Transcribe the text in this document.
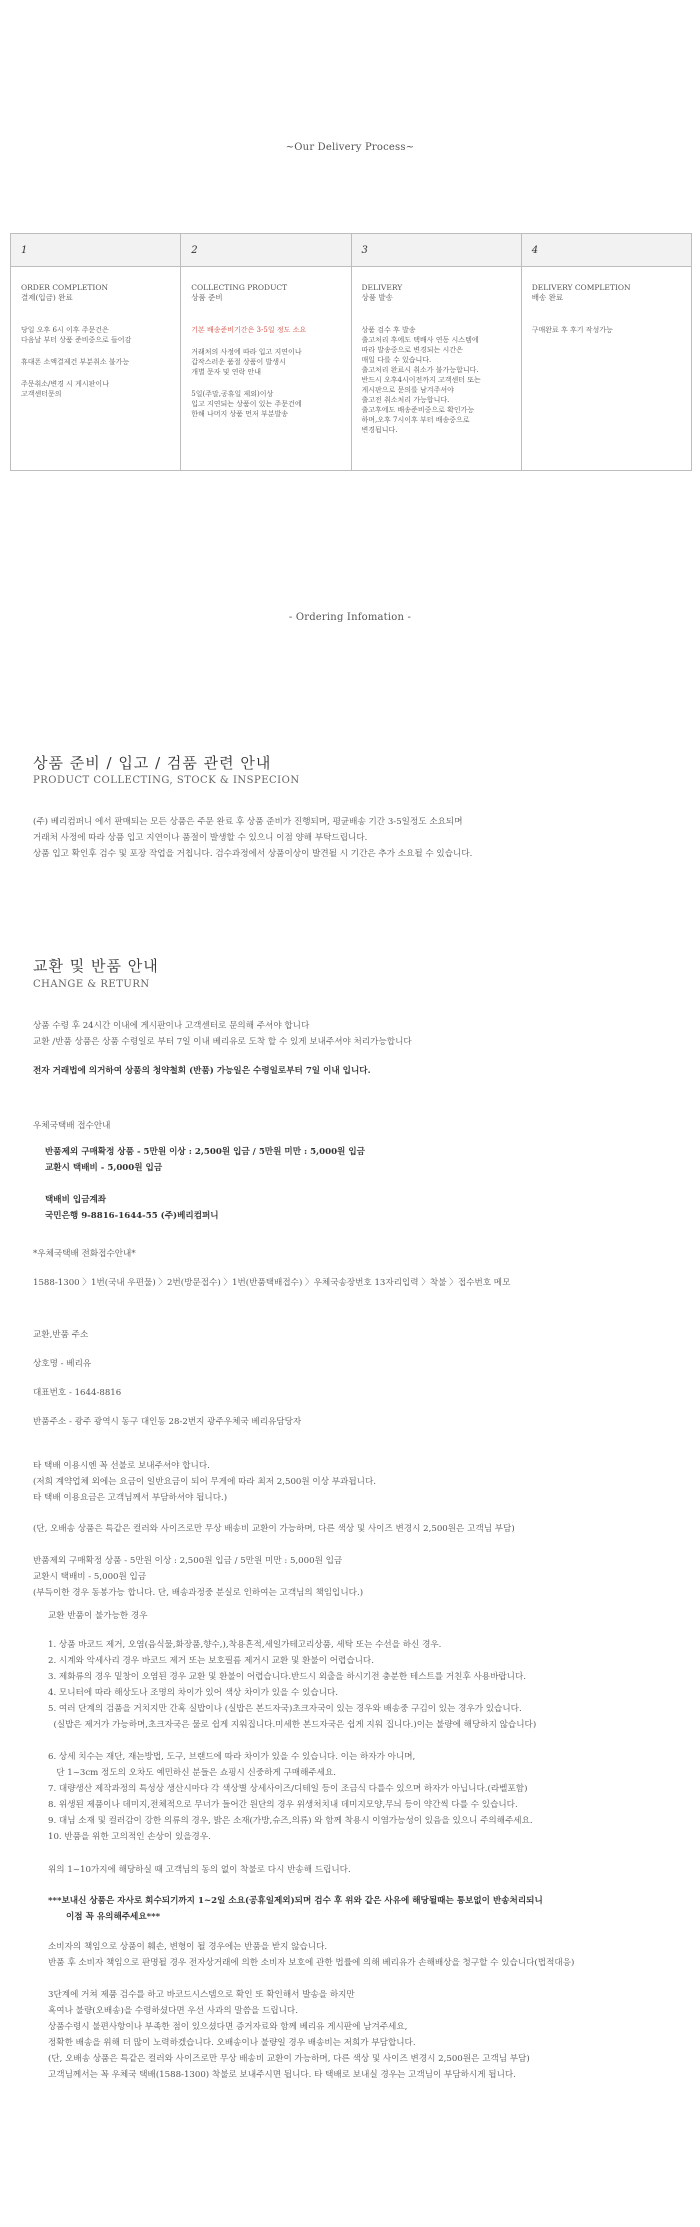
~Our Delivery Process~
1
ORDER COMPLETION
결제(입금) 완료
당일 오후 6시 이후 주문건은
다음날 부터 상품 준비중으로 들어감
휴대폰 소액결제건 부분취소 불가능
주문취소/변경 시 게시판이나
고객센터문의
2
COLLECTING PRODUCT
상품 준비
기본 배송준비기간은 3-5일 정도 소요
거래처의 사정에 따라 입고 지연이나
갑작스러운 품절 상품이 발생시
개별 문자 및 연락 안내
5일(주말,공휴일 제외)이상
입고 지연되는 상품이 있는 주문건에
한해 나머지 상품 먼저 부분발송
3
DELIVERY
상품 발송
상품 검수 후 발송
출고처리 후에도 택배사 연동 시스템에
따라 발송중으로 변경되는 시간은
매일 다를 수 있습니다.
출고처리 완료시 취소가 불가능합니다.
반드시 오후4시이전까지 고객센터 또는
게시판으로 문의를 남겨주셔야
출고전 취소처리 가능합니다.
출고후에도 배송준비중으로 확인가능
하며,오후 7시이후 부터 배송중으로
변경됩니다.
4
DELIVERY COMPLETION
배송 완료
구매완료 후 후기 작성가능
- Ordering Infomation -
상품 준비 / 입고 / 검품 관련 안내
PRODUCT COLLECTING, STOCK & INSPECION
(주) 베리컴퍼니 에서 판매되는 모든 상품은 주문 완료 후 상품 준비가 진행되며, 평균배송 기간 3-5일정도 소요되며
거래처 사정에 따라 상품 입고 지연이나 품절이 발생할 수 있으니 이점 양해 부탁드립니다.
상품 입고 확인후 검수 및 포장 작업을 거칩니다. 검수과정에서 상품이상이 발견될 시 기간은 추가 소요될 수 있습니다.
교환 및 반품 안내
CHANGE & RETURN
상품 수령 후 24시간 이내에 게시판이나 고객센터로 문의해 주셔야 합니다
교환 /반품 상품은 상품 수령일로 부터 7일 이내 베리유로 도착 할 수 있게 보내주셔야 처리가능합니다
전자 거래법에 의거하여 상품의 청약철회 (반품) 가능일은 수령일로부터 7일 이내 입니다.
우체국택배 접수안내
반품제외 구매확정 상품 - 5만원 이상 : 2,500원 입금 / 5만원 미만 : 5,000원 입금
교환시 택배비 - 5,000원 입금

택배비 입금계좌
국민은행 9-8816-1644-55 (주)베리컴퍼니
*우체국택배 전화접수안내*
1588-1300 〉1번(국내 우편물) 〉2번(방문접수) 〉1번(반품택배접수) 〉우체국송장번호 13자리입력 〉착불 〉접수번호 메모
교환,반품 주소
상호명 - 베리유
대표번호 - 1644-8816
반품주소 - 광주 광역시 동구 대인동 28-2번지 광주우체국 베리유담당자
타 택배 이용시엔 꼭 선불로 보내주셔야 합니다.
(저희 계약업체 외에는 요금이 일반요금이 되어 무게에 따라 최저 2,500원 이상 부과됩니다.
타 택배 이용요금은 고객님께서 부담하셔야 됩니다.)
(단, 오배송 상품은 특같은 컬러와 사이즈로만 무상 배송비 교환이 가능하며, 다른 색상 및 사이즈 변경시 2,500원은 고객님 부담)
반품제외 구매확정 상품 - 5만원 이상 : 2,500원 입금 / 5만원 미만 : 5,000원 입금
교환시 택배비 - 5,000원 입금
(부득이한 경우 동봉가능 합니다. 단, 배송과정중 분실로 인하여는 고객님의 책임입니다.)
교환 반품이 불가능한 경우
1. 상품 바코드 제거, 오염(음식물,화장품,향수,),착용흔적,세일가테고리상품, 세탁 또는 수선을 하신 경우.
2. 시계와 악세사리 경우 바코드 제거 또는 보호필름 제거시 교환 및 환불이 어렵습니다.
3. 제화류의 경우 밑창이 오염된 경우 교환 및 환불이 어렵습니다.반드시 외출을 하시기전 충분한 테스트를 거친후 사용바랍니다.
4. 모니터에 따라 해상도나 조명의 차이가 있어 색상 차이가 있을 수 있습니다.
5. 여러 단계의 검품을 거치지만 간혹 실밥이나 (실밥은 본드자국)초크자국이 있는 경우와 배송중 구김이 있는 경우가 있습니다.
(실밥은 제거가 가능하며,초크자국은 물로 쉽게 지워집니다.미세한 본드자국은 쉽게 지워 집니다.)이는 불량에 해당하지 않습니다)

6. 상세 치수는 재단, 재는방법, 도구, 브랜드에 따라 차이가 있을 수 있습니다. 이는 하자가 아니며,
단 1~3cm 정도의 오차도 예민하신 분들은 쇼핑시 신중하게 구매해주세요.
7. 대량생산 제작과정의 특성상 생산시마다 각 색상별 상세사이즈/디테일 등이 조금식 다를수 있으며 하자가 아닙니다.(라벨포함)
8. 위생된 제품이나 데미지,전체적으로 무너가 들어간 원단의 경우 위생처치내 데미지모양,무늬 등이 약간씩 다를 수 있습니다.
9. 대님 소재 및 컬러감이 강한 의류의 경우, 밝은 소재(가방,슈즈,의류) 와 함께 착용시 이염가능성이 있음을 있으니 주의해주세요.
10. 반품을 위한 고의적인 손상이 있을경우.
위의 1~10가지에 해당하실 때 고객님의 동의 없이 착불로 다시 반송해 드립니다.
***보내신 상품은 자사로 회수되기까지 1~2일 소요(공휴일제외)되며 검수 후 위와 같은 사유에 해당될때는 통보없이 반송처리되니
이점 꼭 유의해주세요***
소비자의 책임으로 상품이 훼손, 변형이 될 경우에는 반품을 받지 않습니다.
반품 후 소비자 책임으로 판명될 경우 전자상거래에 의한 소비자 보호에 관한 법률에 의해 베리유가 손해배상을 청구할 수 있습니다(법적대응)
3단계에 거쳐 제품 검수를 하고 바코드시스템으로 확인 또 확인해서 발송을 하지만
혹여나 불량(오배송)을 수령하셨다면 우선 사과의 말씀을 드립니다.
상품수령시 불편사항이나 부족한 점이 있으셨다면 증거자료와 함께 베리유 게시판에 남겨주세요,
정확한 배송을 위해 더 많이 노력하겠습니다. 오배송이나 불량일 경우 배송비는 저희가 부담합니다.
(단, 오배송 상품은 특같은 컬러와 사이즈로만 무상 배송비 교환이 가능하며, 다른 색상 및 사이즈 변경시 2,500원은 고객님 부담)
고객님께서는 꼭 우체국 택배(1588-1300) 착불로 보내주시면 됩니다. 타 택배로 보내실 경우는 고객님이 부담하시게 됩니다.
